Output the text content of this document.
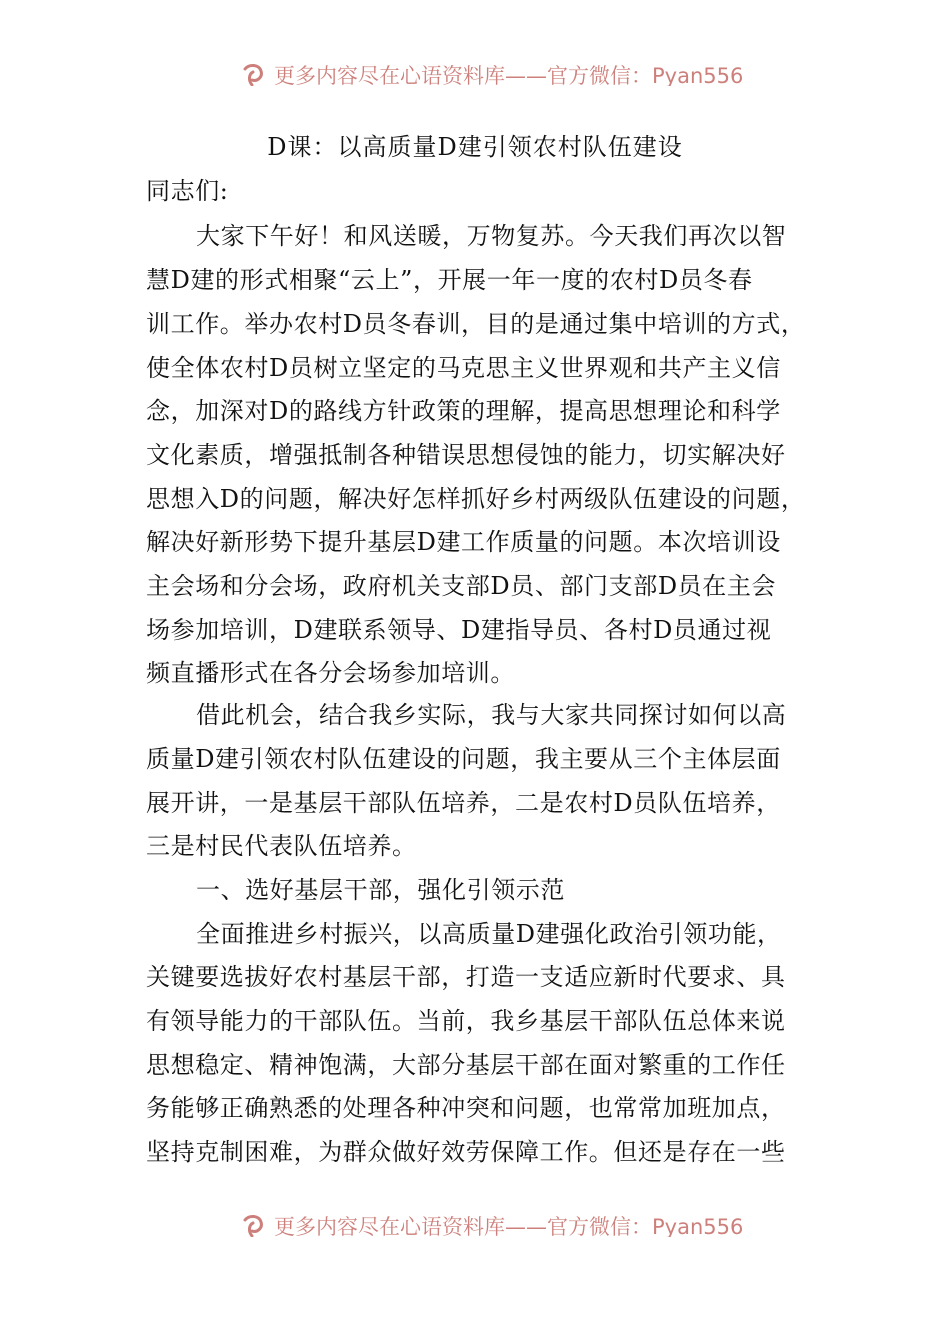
更多内容尽在心语资料库——官方微信：Pyan556
D课：以高质量D建引领农村队伍建设
同志们:
大家下午好！和风送暖，万物复苏。今天我们再次以智
慧D建的形式相聚“云上”，开展一年一度的农村D员冬春
训工作。举办农村D员冬春训，目的是通过集中培训的方式，
使全体农村D员树立坚定的马克思主义世界观和共产主义信
念，加深对D的路线方针政策的理解，提高思想理论和科学
文化素质，增强抵制各种错误思想侵蚀的能力，切实解决好
思想入D的问题，解决好怎样抓好乡村两级队伍建设的问题，
解决好新形势下提升基层D建工作质量的问题。本次培训设
主会场和分会场，政府机关支部D员、部门支部D员在主会
场参加培训，D建联系领导、D建指导员、各村D员通过视
频直播形式在各分会场参加培训。
借此机会，结合我乡实际，我与大家共同探讨如何以高
质量D建引领农村队伍建设的问题，我主要从三个主体层面
展开讲，一是基层干部队伍培养，二是农村D员队伍培养，
三是村民代表队伍培养。
一、选好基层干部，强化引领示范
全面推进乡村振兴，以高质量D建强化政治引领功能，
关键要选拔好农村基层干部，打造一支适应新时代要求、具
有领导能力的干部队伍。当前，我乡基层干部队伍总体来说
思想稳定、精神饱满，大部分基层干部在面对繁重的工作任
务能够正确熟悉的处理各种冲突和问题，也常常加班加点，
坚持克制困难，为群众做好效劳保障工作。但还是存在一些
更多内容尽在心语资料库——官方微信：Pyan556
